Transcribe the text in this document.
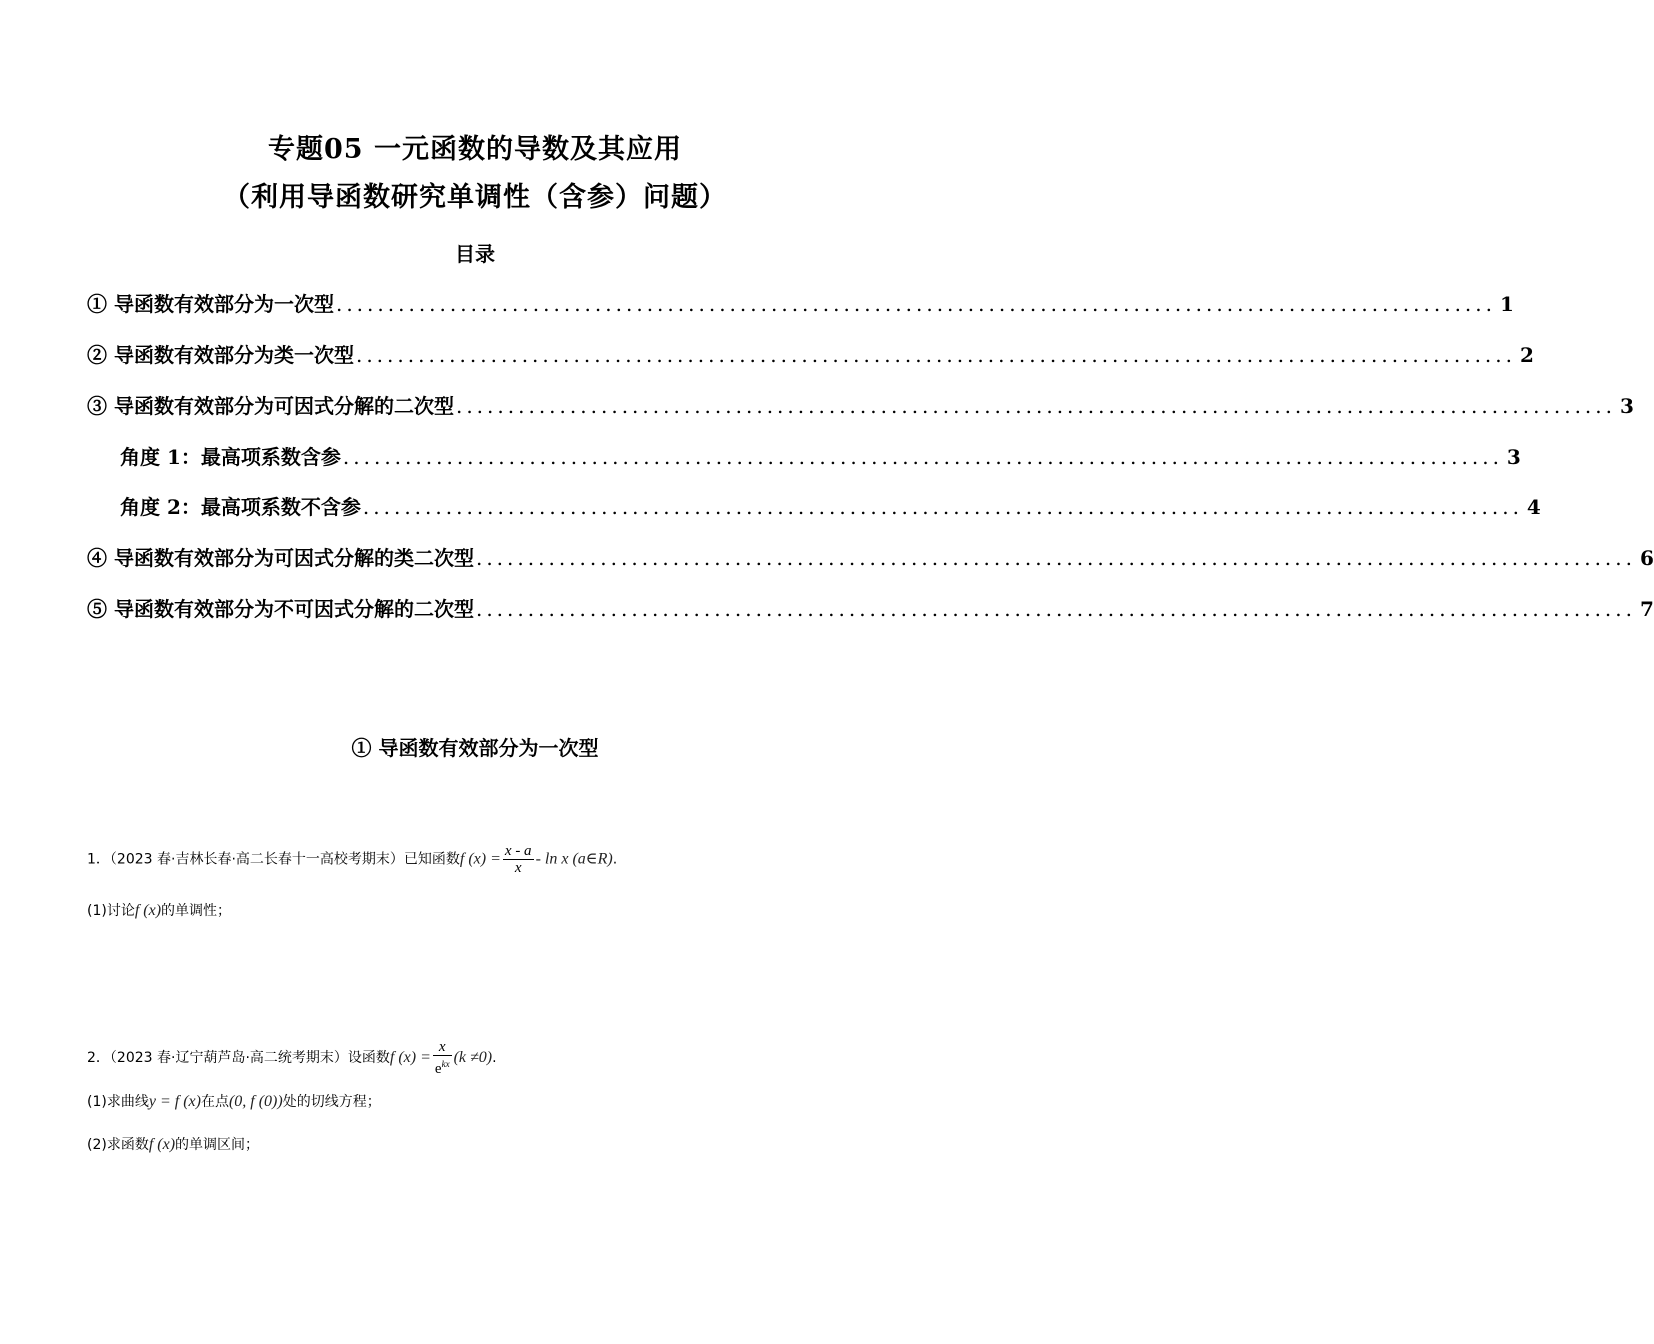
专题05 一元函数的导数及其应用
（利用导函数研究单调性（含参）问题）
目录
① 导函数有效部分为一次型 ................................................................................................................ 1
② 导函数有效部分为类一次型 ................................................................................................................ 2
③ 导函数有效部分为可因式分解的二次型 ................................................................................................................ 3
角度 1：最高项系数含参 ................................................................................................................ 3
角度 2：最高项系数不含参 ................................................................................................................ 4
④ 导函数有效部分为可因式分解的类二次型 ................................................................................................................ 6
⑤ 导函数有效部分为不可因式分解的二次型 ................................................................................................................ 7
① 导函数有效部分为一次型
1．（2023 春·吉林长春·高二长春十一高校考期末）已知函数f $(x) = \frac{x - a}{x} - \ln x$ (a∈R).
(1)讨论f (x)的单调性；
2．（2023 春·辽宁葫芦岛·高二统考期末）设函数f $(x) = \frac{x}{e^{kx}} (k \ne 0)$.
(1)求曲线y = f (x)在点(0, f (0))处的切线方程；
(2)求函数f (x)的单调区间；
